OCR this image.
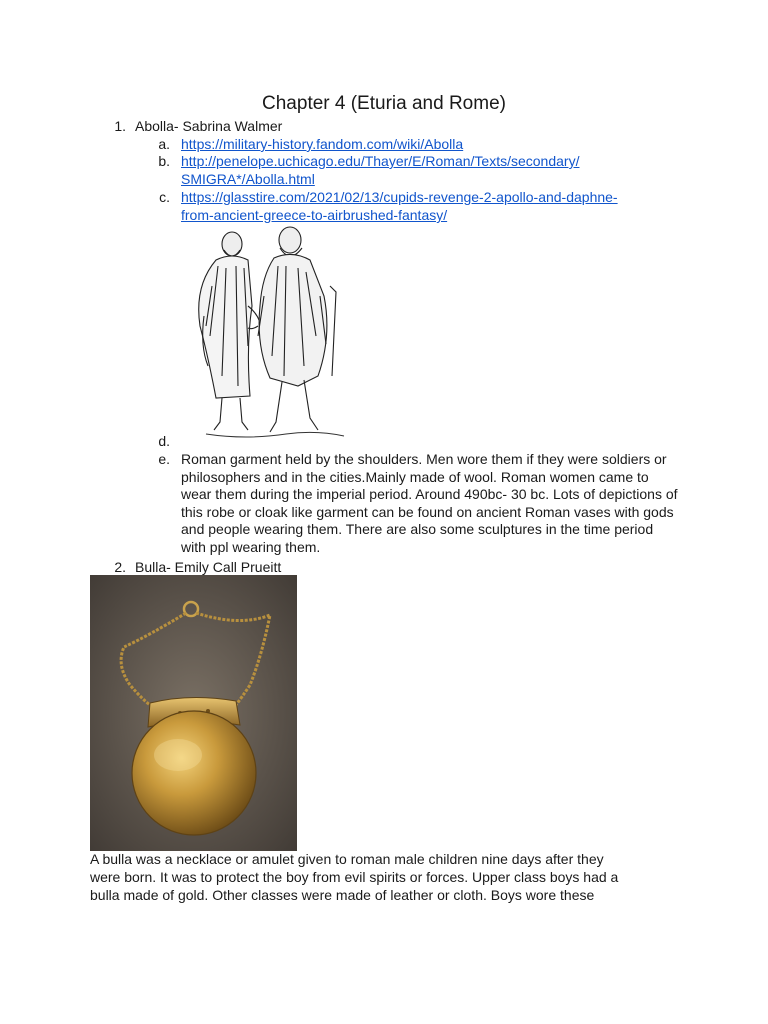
Chapter 4 (Eturia and Rome)
1. Abolla- Sabrina Walmer
a. https://military-history.fandom.com/wiki/Abolla
b. http://penelope.uchicago.edu/Thayer/E/Roman/Texts/secondary/
SMIGRA*/Abolla.html
c. https://glasstire.com/2021/02/13/cupids-revenge-2-apollo-and-daphne-
from-ancient-greece-to-airbrushed-fantasy/
d.
e. Roman garment held by the shoulders. Men wore them if they were soldiers or philosophers and in the cities.Mainly made of wool. Roman women came to wear them during the imperial period. Around 490bc- 30 bc. Lots of depictions of this robe or cloak like garment can be found on ancient Roman vases with gods and people wearing them. There are also some sculptures in the time period with ppl wearing them.
2. Bulla- Emily Call Prueitt
A bulla was a necklace or amulet given to roman male children nine days after they
were born. It was to protect the boy from evil spirits or forces. Upper class boys had a
bulla made of gold. Other classes were made of leather or cloth. Boys wore these
